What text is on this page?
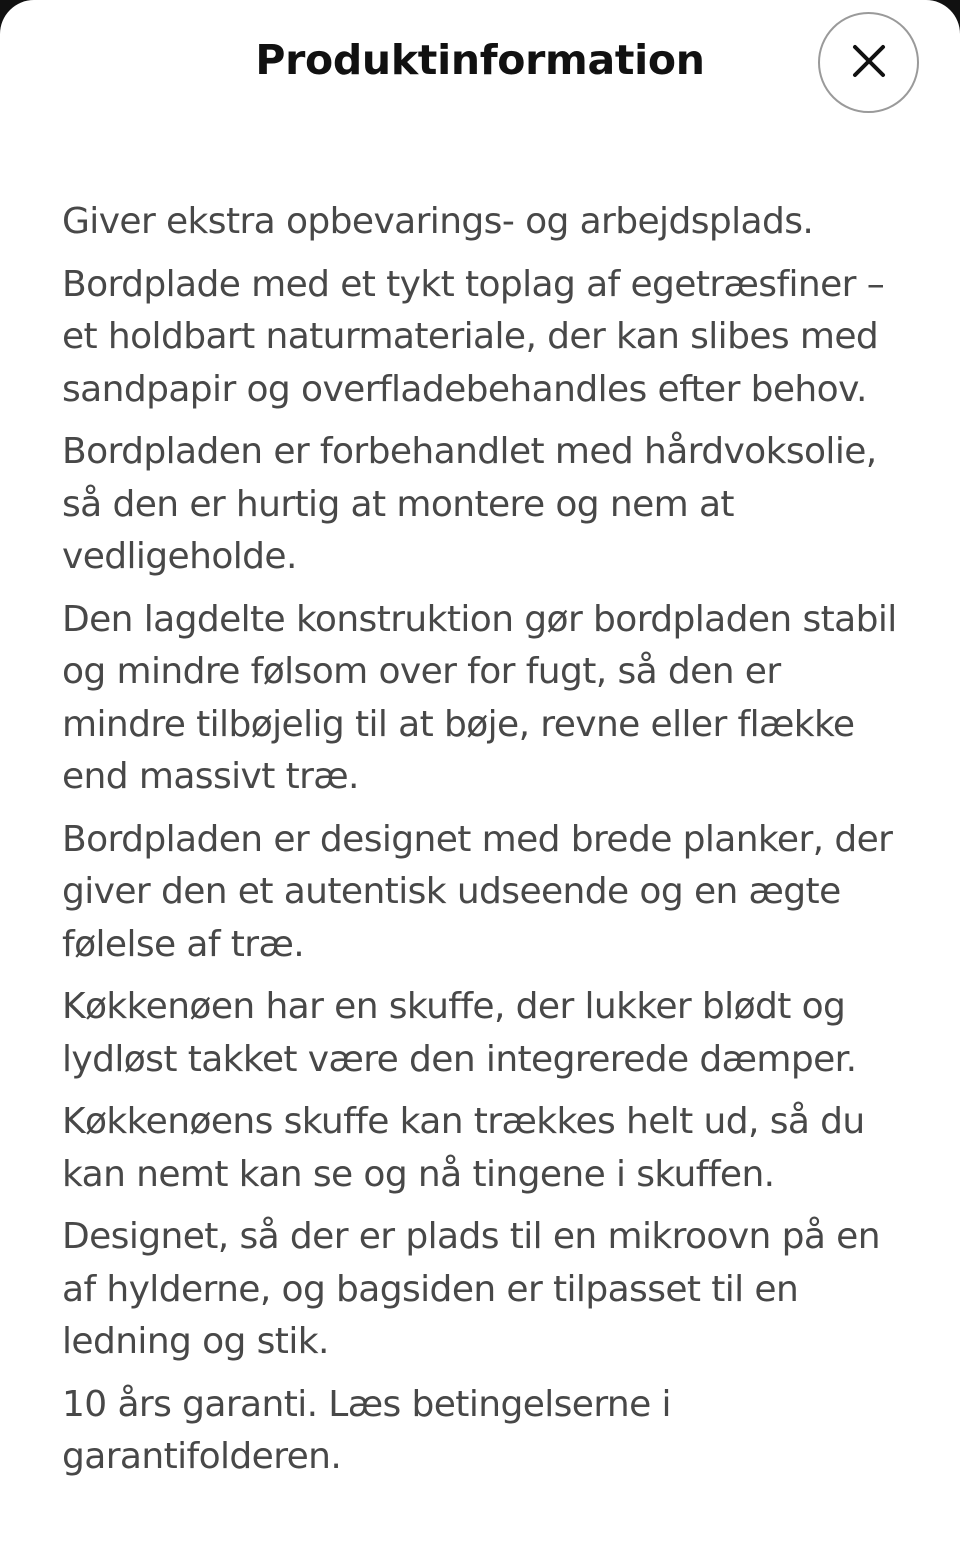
Produktinformation

Giver ekstra opbevarings- og arbejdsplads.

Bordplade med et tykt toplag af egetræsfiner – et holdbart naturmateriale, der kan slibes med sandpapir og overfladebehandles efter behov.

Bordpladen er forbehandlet med hårdvoksolie, så den er hurtig at montere og nem at vedligeholde.

Den lagdelte konstruktion gør bordpladen stabil og mindre følsom over for fugt, så den er mindre tilbøjelig til at bøje, revne eller flække end massivt træ.

Bordpladen er designet med brede planker, der giver den et autentisk udseende og en ægte følelse af træ.

Køkkenøen har en skuffe, der lukker blødt og lydløst takket være den integrerede dæmper.

Køkkenøens skuffe kan trækkes helt ud, så du kan nemt kan se og nå tingene i skuffen.

Designet, så der er plads til en mikroovn på en af hylderne, og bagsiden er tilpasset til en ledning og stik.

10 års garanti. Læs betingelserne i garantifolderen.
